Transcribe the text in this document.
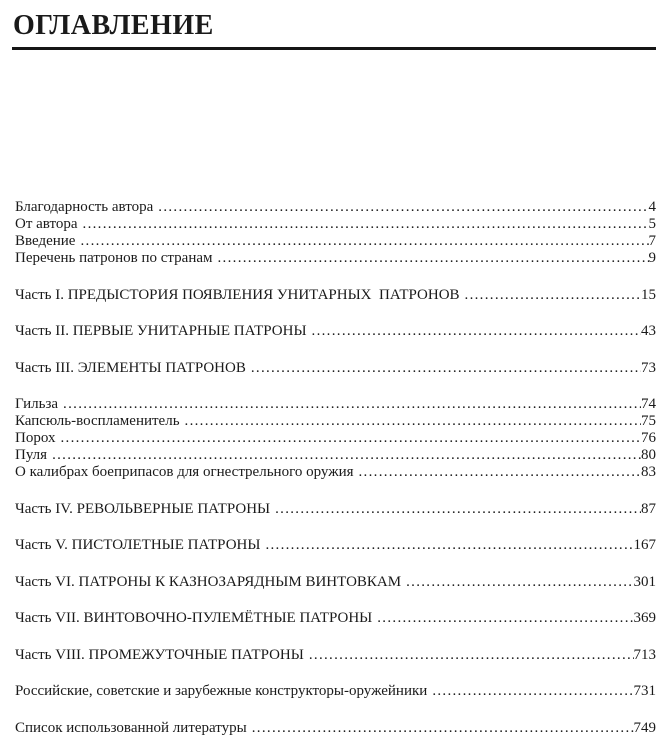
ОГЛАВЛЕНИЕ
Благодарность автора .....	4
От автора .....	5
Введение .....	7
Перечень патронов по странам .....	9
Часть I. ПРЕДЫСТОРИЯ ПОЯВЛЕНИЯ УНИТАРНЫХ  ПАТРОНОВ .....	15
Часть II. ПЕРВЫЕ УНИТАРНЫЕ ПАТРОНЫ .....	43
Часть III. ЭЛЕМЕНТЫ ПАТРОНОВ .....	73
Гильза .....	74
Капсюль-воспламенитель .....	75
Порох .....	76
Пуля .....	80
О калибрах боеприпасов для огнестрельного оружия .....	83
Часть IV. РЕВОЛЬВЕРНЫЕ ПАТРОНЫ .....	87
Часть V. ПИСТОЛЕТНЫЕ ПАТРОНЫ .....	167
Часть VI. ПАТРОНЫ К КАЗНОЗАРЯДНЫМ ВИНТОВКАМ .....	301
Часть VII. ВИНТОВОЧНО-ПУЛЕМЁТНЫЕ ПАТРОНЫ .....	369
Часть VIII. ПРОМЕЖУТОЧНЫЕ ПАТРОНЫ .....	713
Российские, советские и зарубежные конструкторы-оружейники .....	731
Список использованной литературы .....	749
